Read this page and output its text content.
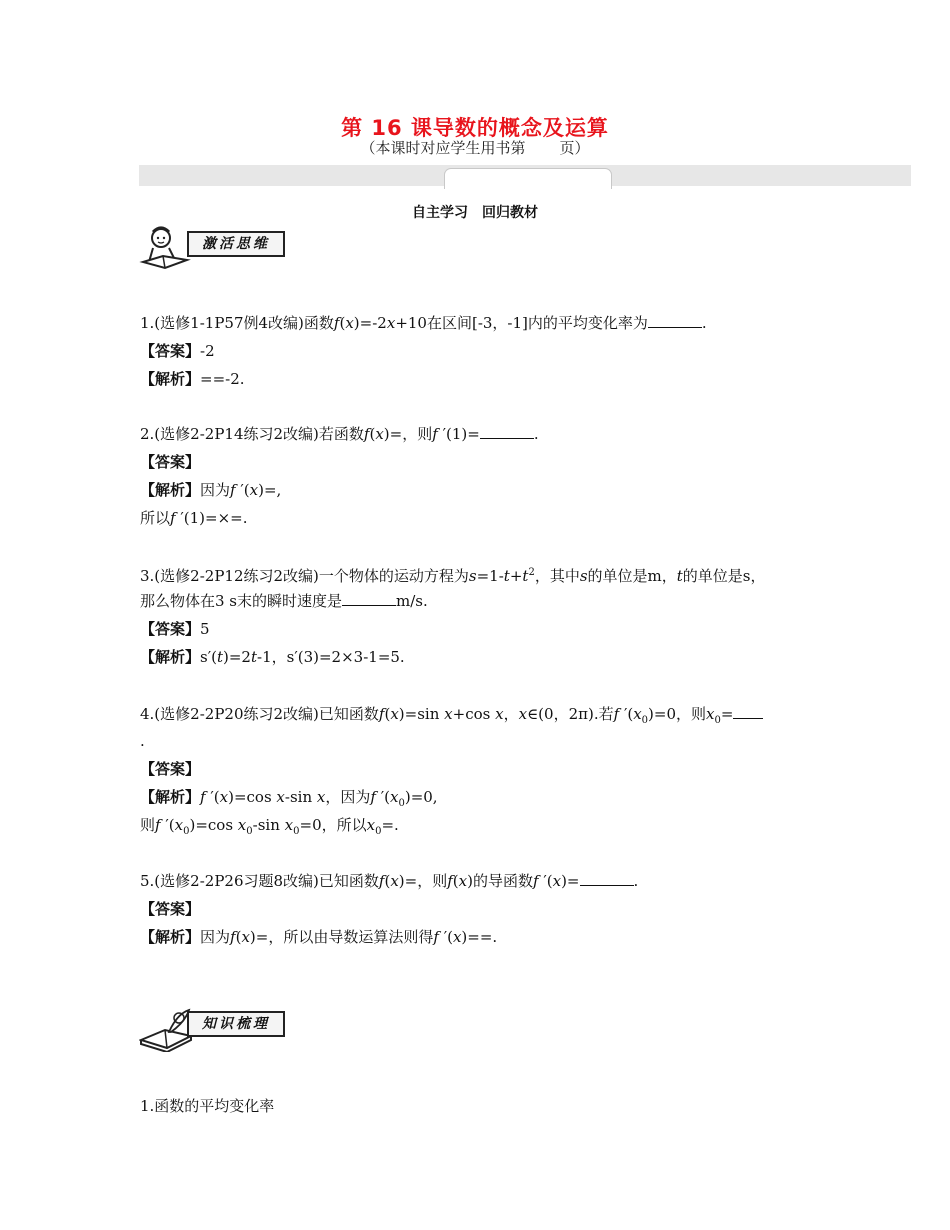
第 16 课导数的概念及运算
（本课时对应学生用书第 页）
自主学习 回归教材
激活思维
1.(选修1-1P57例4改编)函数f(x)=-2x+10在区间[-3，-1]内的平均变化率为	.
【答案】-2
【解析】==-2.
2.(选修2-2P14练习2改编)若函数f(x)=，则f ′(1)=	.
【答案】
【解析】因为f ′(x)=,
所以f ′(1)=×=.
3.(选修2-2P12练习2改编)一个物体的运动方程为$s=1-t+t^2$，其中s的单位是m，t的单位是s，
那么物体在3 s末的瞬时速度是	m/s.
【答案】5
【解析】s′(t)=2t-1，s′(3)=2×3-1=5.
4.(选修2-2P20练习2改编)已知函数f(x)=sin x+cos x，x∈(0，2π).若f $'(x_0)=0$，则$x_0=$
.
【答案】
【解析】f ′(x)=cos x-sin x，因为f $'(x_0)=0$,
则f $'(x_0)=\cos$ $x_0-\sin$ $x_0=0$，所以$x_0=$.
5.(选修2-2P26习题8改编)已知函数f(x)=，则f(x)的导函数f ′(x)=	.
【答案】
【解析】因为f(x)=，所以由导数运算法则得f ′(x)==.
知识梳理
1.函数的平均变化率
